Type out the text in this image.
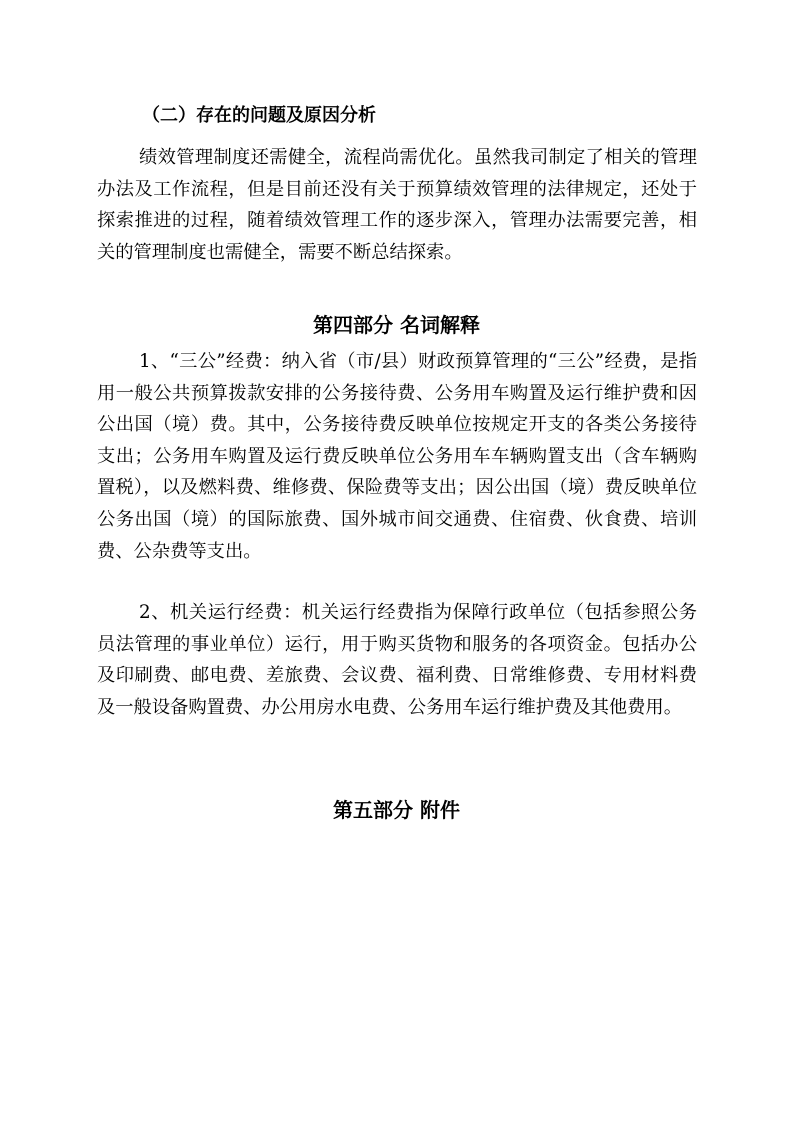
（二）存在的问题及原因分析

绩效管理制度还需健全，流程尚需优化。虽然我司制定了相关的管理办法及工作流程，但是目前还没有关于预算绩效管理的法律规定，还处于探索推进的过程，随着绩效管理工作的逐步深入，管理办法需要完善，相关的管理制度也需健全，需要不断总结探索。

第四部分 名词解释

1、“三公”经费：纳入省（市/县）财政预算管理的“三公”经费，是指用一般公共预算拨款安排的公务接待费、公务用车购置及运行维护费和因公出国（境）费。其中，公务接待费反映单位按规定开支的各类公务接待支出；公务用车购置及运行费反映单位公务用车车辆购置支出（含车辆购置税），以及燃料费、维修费、保险费等支出；因公出国（境）费反映单位公务出国（境）的国际旅费、国外城市间交通费、住宿费、伙食费、培训费、公杂费等支出。

2、机关运行经费：机关运行经费指为保障行政单位（包括参照公务员法管理的事业单位）运行，用于购买货物和服务的各项资金。包括办公及印刷费、邮电费、差旅费、会议费、福利费、日常维修费、专用材料费及一般设备购置费、办公用房水电费、公务用车运行维护费及其他费用。

第五部分 附件
